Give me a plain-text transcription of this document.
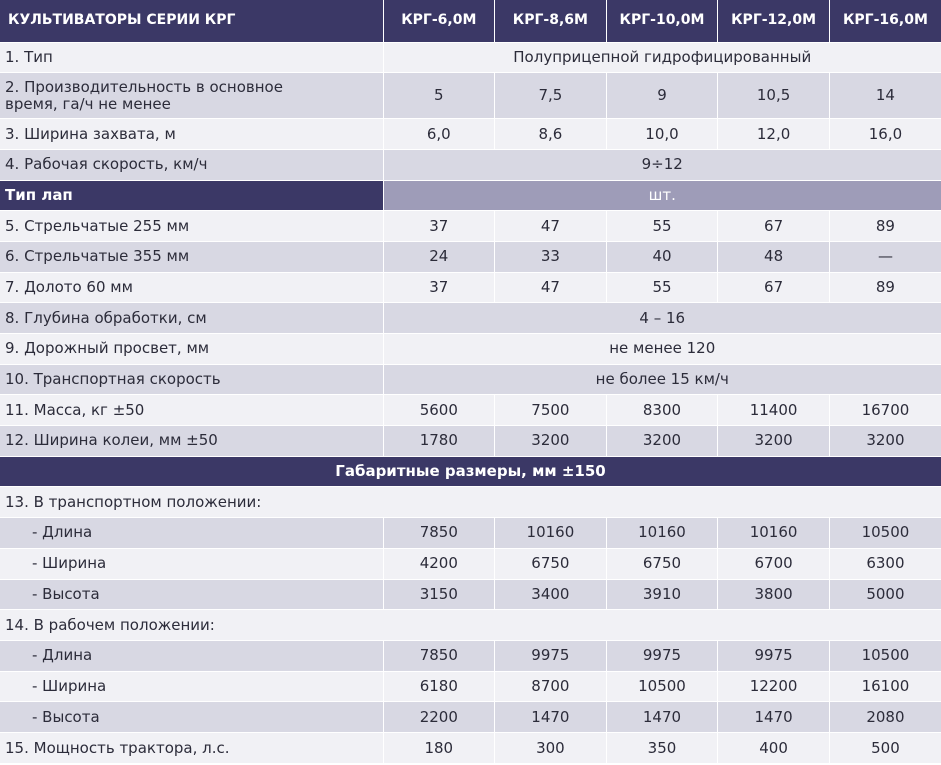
КУЛЬТИВАТОРЫ СЕРИИ КРГ	КРГ-6,0М	КРГ-8,6М	КРГ-10,0М	КРГ-12,0М	КРГ-16,0М
1. Тип	Полуприцепной гидрофицированный				
2. Производительность в основное
время, га/ч не менее	5	7,5	9	10,5	14
3. Ширина захвата, м	6,0	8,6	10,0	12,0	16,0
4. Рабочая скорость, км/ч	9÷12				
Тип лап	шт.				
5. Стрельчатые 255 мм	37	47	55	67	89
6. Стрельчатые 355 мм	24	33	40	48	—
7. Долото 60 мм	37	47	55	67	89
8. Глубина обработки, см	4 – 16				
9. Дорожный просвет, мм	не менее 120				
10. Транспортная скорость	не более 15 км/ч				
11. Масса, кг ±50	5600	7500	8300	11400	16700
12. Ширина колеи, мм ±50	1780	3200	3200	3200	3200
Габаритные размеры, мм ±150					
13. В транспортном положении:					
- Длина	7850	10160	10160	10160	10500
- Ширина	4200	6750	6750	6700	6300
- Высота	3150	3400	3910	3800	5000
14. В рабочем положении:					
- Длина	7850	9975	9975	9975	10500
- Ширина	6180	8700	10500	12200	16100
- Высота	2200	1470	1470	1470	2080
15. Мощность трактора, л.с.	180	300	350	400	500
